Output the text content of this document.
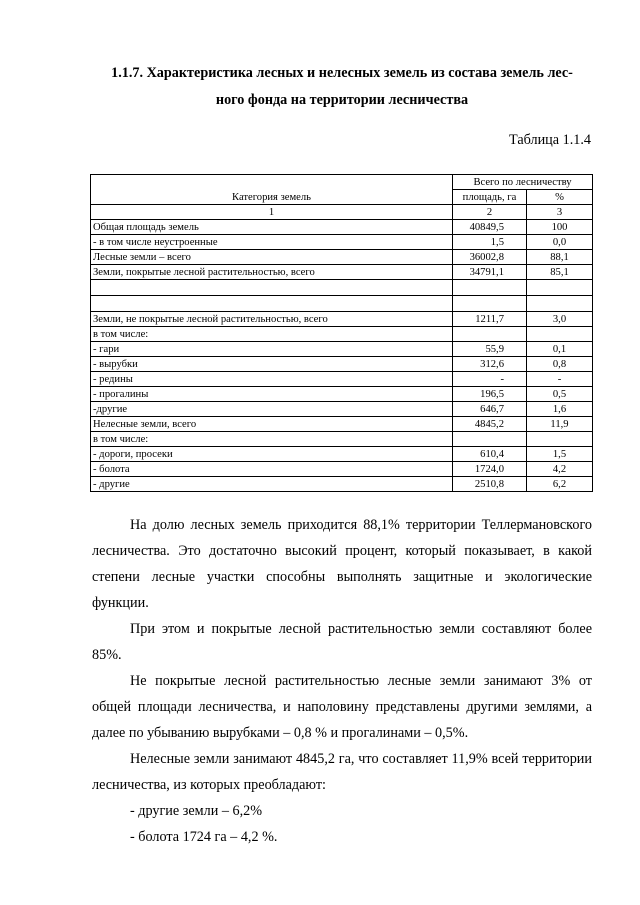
1.1.7. Характеристика лесных и нелесных земель из состава земель лес-
ного фонда на территории лесничества
Таблица 1.1.4
Категория земель	Всего по лесничеству	
	площадь, га	%
1	2	3
Общая площадь земель	40849,5	100
- в том числе неустроенные	1,5	0,0
Лесные земли – всего	36002,8	88,1
Земли, покрытые лесной растительностью, всего	34791,1	85,1

Земли, не покрытые лесной растительностью, всего	1211,7	3,0
в том числе:		
- гари	55,9	0,1
- вырубки	312,6	0,8
- редины	-	-
- прогалины	196,5	0,5
-другие	646,7	1,6
Нелесные земли, всего	4845,2	11,9
в том числе:		
- дороги, просеки	610,4	1,5
- болота	1724,0	4,2
- другие	2510,8	6,2
На долю лесных земель приходится 88,1% территории Теллермановского лесничества. Это достаточно высокий процент, который показывает, в какой степени лесные участки способны выполнять защитные и экологические функции.
При этом и покрытые лесной растительностью земли составляют более 85%.
Не покрытые лесной растительностью лесные земли занимают 3% от общей площади лесничества, и наполовину представлены другими землями, а далее по убыванию вырубками – 0,8 % и прогалинами – 0,5%.
Нелесные земли занимают 4845,2 га, что составляет 11,9% всей территории лесничества, из которых преобладают:
- другие земли – 6,2%
- болота 1724 га – 4,2 %.
